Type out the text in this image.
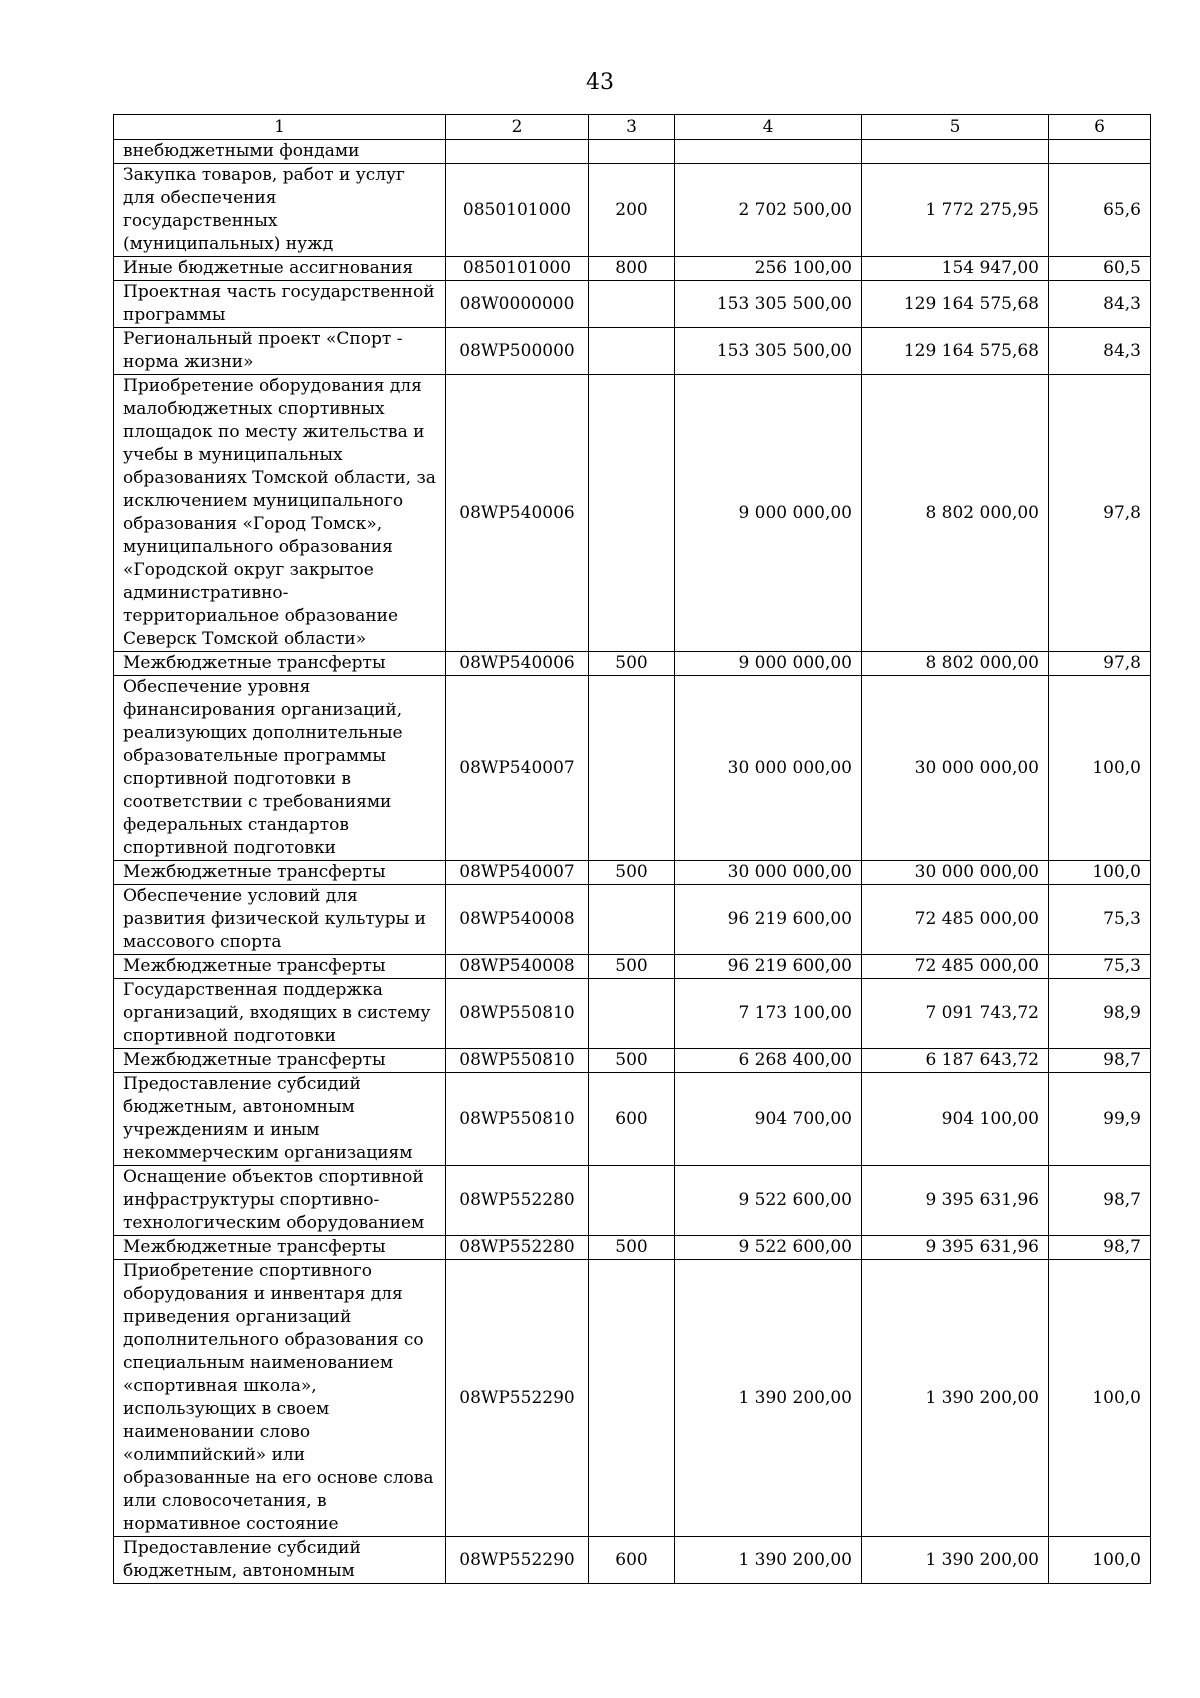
43
1	2	3	4	5	6
внебюджетными фондами					
Закупка товаров, работ и услуг для обеспечения государственных (муниципальных) нужд	0850101000	200	2 702 500,00	1 772 275,95	65,6
Иные бюджетные ассигнования	0850101000	800	256 100,00	154 947,00	60,5
Проектная часть государственной программы	08W0000000		153 305 500,00	129 164 575,68	84,3
Региональный проект «Спорт - норма жизни»	08WP500000		153 305 500,00	129 164 575,68	84,3
Приобретение оборудования для малобюджетных спортивных площадок по месту жительства и учебы в муниципальных образованиях Томской области, за исключением муниципального образования «Город Томск», муниципального образования «Городской округ закрытое административно-территориальное образование Северск Томской области»	08WP540006		9 000 000,00	8 802 000,00	97,8
Межбюджетные трансферты	08WP540006	500	9 000 000,00	8 802 000,00	97,8
Обеспечение уровня финансирования организаций, реализующих дополнительные образовательные программы спортивной подготовки в соответствии с требованиями федеральных стандартов спортивной подготовки	08WP540007		30 000 000,00	30 000 000,00	100,0
Межбюджетные трансферты	08WP540007	500	30 000 000,00	30 000 000,00	100,0
Обеспечение условий для развития физической культуры и массового спорта	08WP540008		96 219 600,00	72 485 000,00	75,3
Межбюджетные трансферты	08WP540008	500	96 219 600,00	72 485 000,00	75,3
Государственная поддержка организаций, входящих в систему спортивной подготовки	08WP550810		7 173 100,00	7 091 743,72	98,9
Межбюджетные трансферты	08WP550810	500	6 268 400,00	6 187 643,72	98,7
Предоставление субсидий бюджетным, автономным учреждениям и иным некоммерческим организациям	08WP550810	600	904 700,00	904 100,00	99,9
Оснащение объектов спортивной инфраструктуры спортивно-технологическим оборудованием	08WP552280		9 522 600,00	9 395 631,96	98,7
Межбюджетные трансферты	08WP552280	500	9 522 600,00	9 395 631,96	98,7
Приобретение спортивного оборудования и инвентаря для приведения организаций дополнительного образования со специальным наименованием «спортивная школа», использующих в своем наименовании слово «олимпийский» или образованные на его основе слова или словосочетания, в нормативное состояние	08WP552290		1 390 200,00	1 390 200,00	100,0
Предоставление субсидий бюджетным, автономным	08WP552290	600	1 390 200,00	1 390 200,00	100,0
